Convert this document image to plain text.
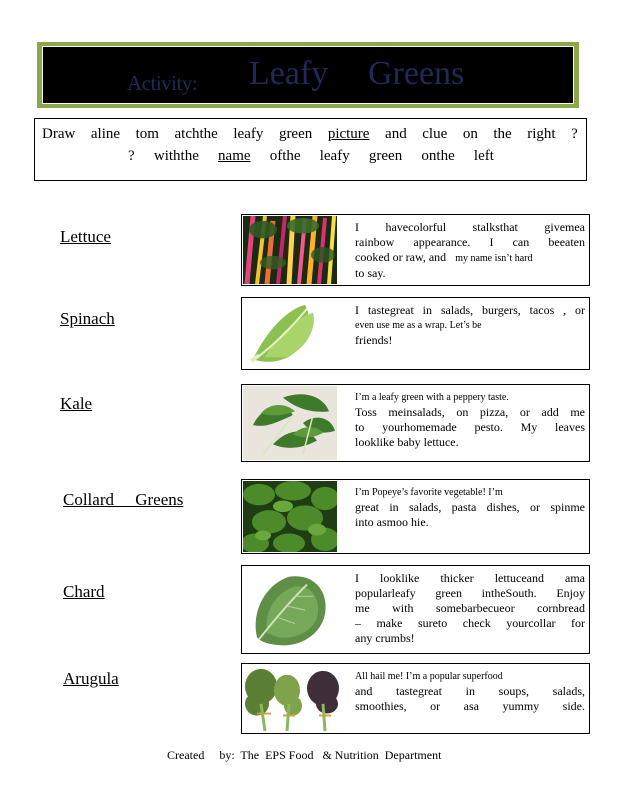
Activity: Leafy Greens
Draw aline tom atchthe leafy green picture and clue on the right ?
? withthe name ofthe leafy green onthe left
Lettuce
Spinach
Kale
Collard     Greens
Chard
Arugula
I havecolorful stalksthat givemea
rainbow appearance. I can beeaten
cooked or raw, and my name isn’t hard
to say.
I tastegreat in salads, burgers, tacos , or
even use me as a wrap. Let’s be
friends!
I’m a leafy green with a peppery taste.
Toss meinsalads, on pizza, or add me
to yourhomemade pesto. My leaves
looklike baby lettuce.
I’m Popeye’s favorite vegetable! I’m
great in salads, pasta dishes, or spinme
into asmoo hie.
I looklike thicker lettuceand ama
popularleafy green intheSouth. Enjoy
me with somebarbecueor cornbread
– make sureto check yourcollar for
any crumbs!
All hail me! I’m a popular superfood
and tastegreat in soups, salads,
smoothies, or asa yummy side.
Created     by:  The  EPS Food   & Nutrition  Department
